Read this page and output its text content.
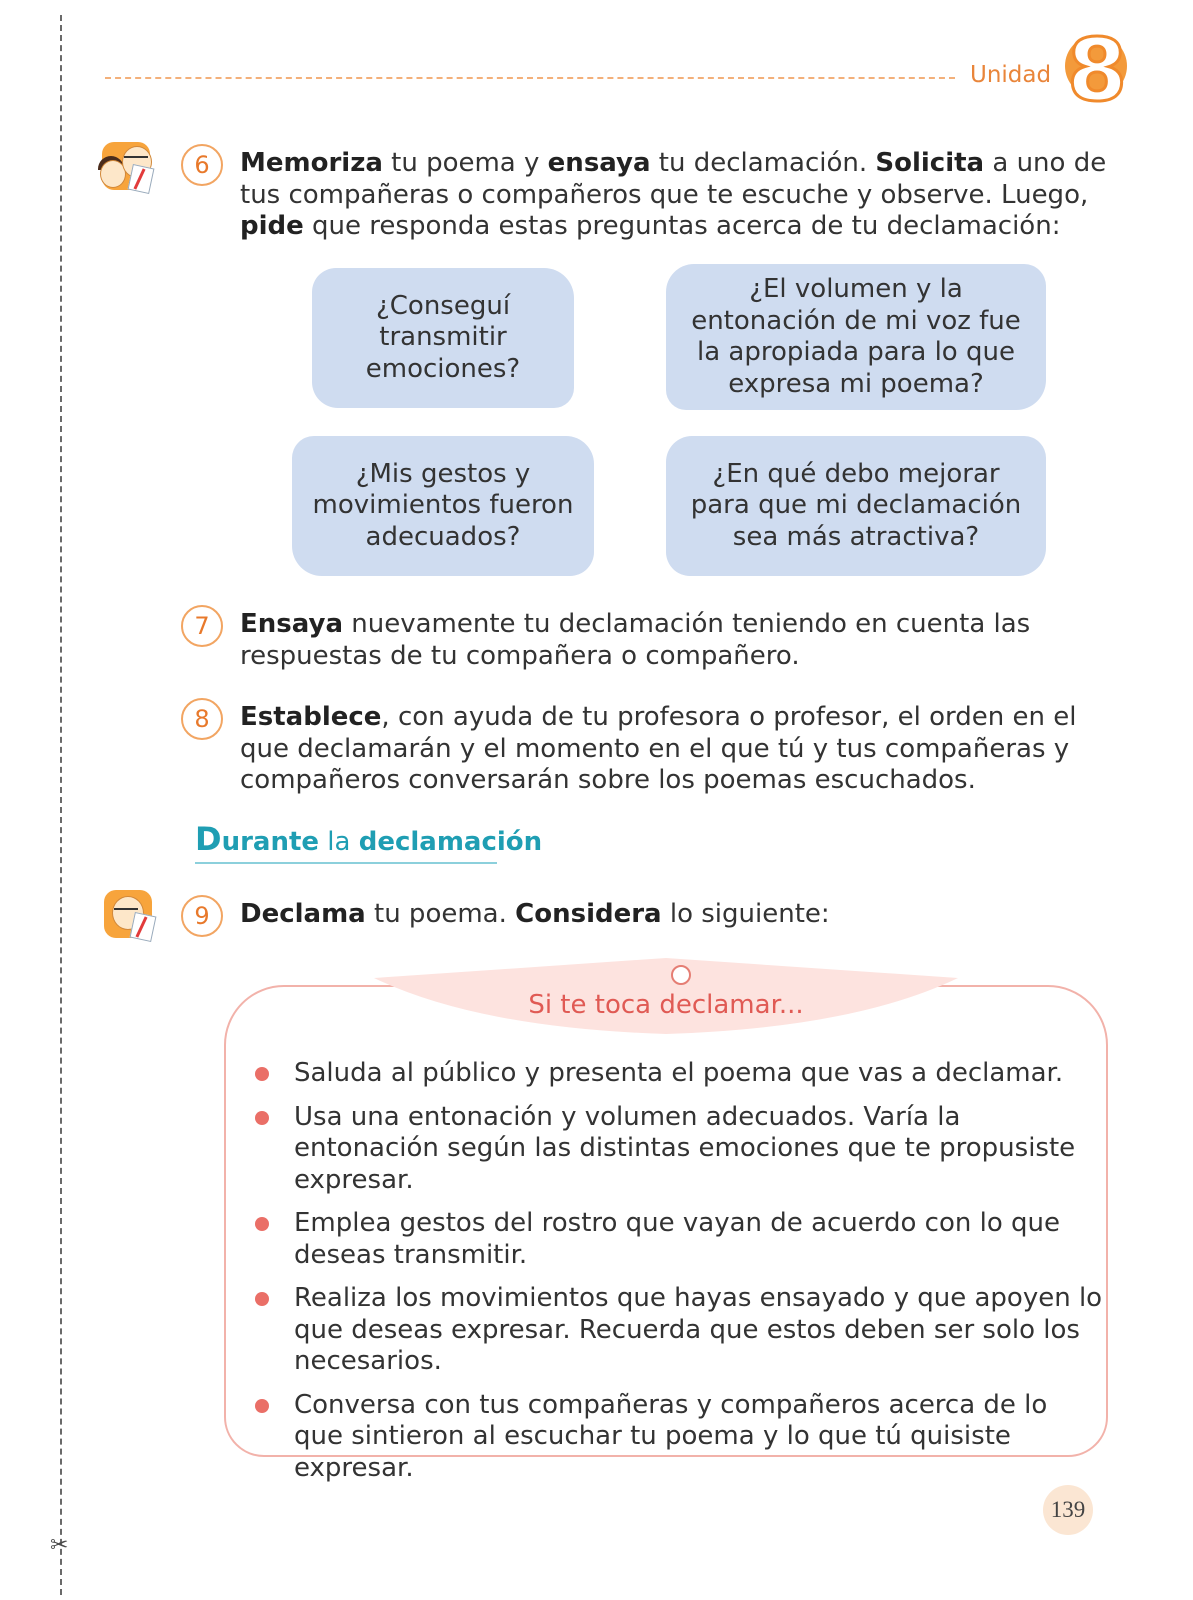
✂
Unidad 8
6	Memoriza tu poema y ensaya tu declamación. Solicita a uno de tus compañeras o compañeros que te escuche y observe. Luego, pide que responda estas preguntas acerca de tu declamación:
¿Conseguí transmitir emociones?
¿El volumen y la entonación de mi voz fue la apropiada para lo que expresa mi poema?
¿Mis gestos y movimientos fueron adecuados?
¿En qué debo mejorar para que mi declamación sea más atractiva?
7	Ensaya nuevamente tu declamación teniendo en cuenta las respuestas de tu compañera o compañero.
8	Establece, con ayuda de tu profesora o profesor, el orden en el que declamarán y el momento en el que tú y tus compañeras y compañeros conversarán sobre los poemas escuchados.
Durante la declamación
9	Declama tu poema. Considera lo siguiente:
Si te toca declamar...
Saluda al público y presenta el poema que vas a declamar.
Usa una entonación y volumen adecuados. Varía la entonación según las distintas emociones que te propusiste expresar.
Emplea gestos del rostro que vayan de acuerdo con lo que deseas transmitir.
Realiza los movimientos que hayas ensayado y que apoyen lo que deseas expresar. Recuerda que estos deben ser solo los necesarios.
Conversa con tus compañeras y compañeros acerca de lo que sintieron al escuchar tu poema y lo que tú quisiste expresar.
139
